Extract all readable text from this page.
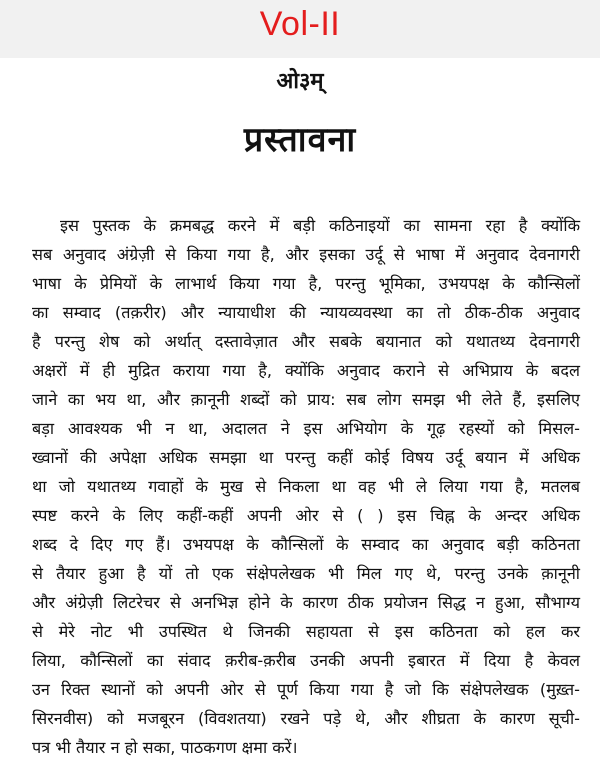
Vol-II
ओ३म्
प्रस्तावना
इस पुस्तक के क्रमबद्ध करने में बड़ी कठिनाइयों का सामना रहा है क्योंकि
सब अनुवाद अंग्रेज़ी से किया गया है, और इसका उर्दू से भाषा में अनुवाद देवनागरी
भाषा के प्रेमियों के लाभार्थ किया गया है, परन्तु भूमिका, उभयपक्ष के कौन्सिलों
का सम्वाद (तक़रीर) और न्यायाधीश की न्यायव्यवस्था का तो ठीक-ठीक अनुवाद
है परन्तु शेष को अर्थात् दस्तावेज़ात और सबके बयानात को यथातथ्य देवनागरी
अक्षरों में ही मुद्रित कराया गया है, क्योंकि अनुवाद कराने से अभिप्राय के बदल
जाने का भय था, और क़ानूनी शब्दों को प्राय: सब लोग समझ भी लेते हैं, इसलिए
बड़ा आवश्यक भी न था, अदालत ने इस अभियोग के गूढ़ रहस्यों को मिसल-
ख्वानों की अपेक्षा अधिक समझा था परन्तु कहीं कोई विषय उर्दू बयान में अधिक
था जो यथातथ्य गवाहों के मुख से निकला था वह भी ले लिया गया है, मतलब
स्पष्ट करने के लिए कहीं-कहीं अपनी ओर से ( ) इस चिह्न के अन्दर अधिक
शब्द दे दिए गए हैं। उभयपक्ष के कौन्सिलों के सम्वाद का अनुवाद बड़ी कठिनता
से तैयार हुआ है यों तो एक संक्षेपलेखक भी मिल गए थे, परन्तु उनके क़ानूनी
और अंग्रेज़ी लिटरेचर से अनभिज्ञ होने के कारण ठीक प्रयोजन सिद्ध न हुआ, सौभाग्य
से मेरे नोट भी उपस्थित थे जिनकी सहायता से इस कठिनता को हल कर
लिया, कौन्सिलों का संवाद क़रीब-क़रीब उनकी अपनी इबारत में दिया है केवल
उन रिक्त स्थानों को अपनी ओर से पूर्ण किया गया है जो कि संक्षेपलेखक (मुख़्त-
सिरनवीस) को मजबूरन (विवशतया) रखने पड़े थे, और शीघ्रता के कारण सूची-
पत्र भी तैयार न हो सका, पाठकगण क्षमा करें।
